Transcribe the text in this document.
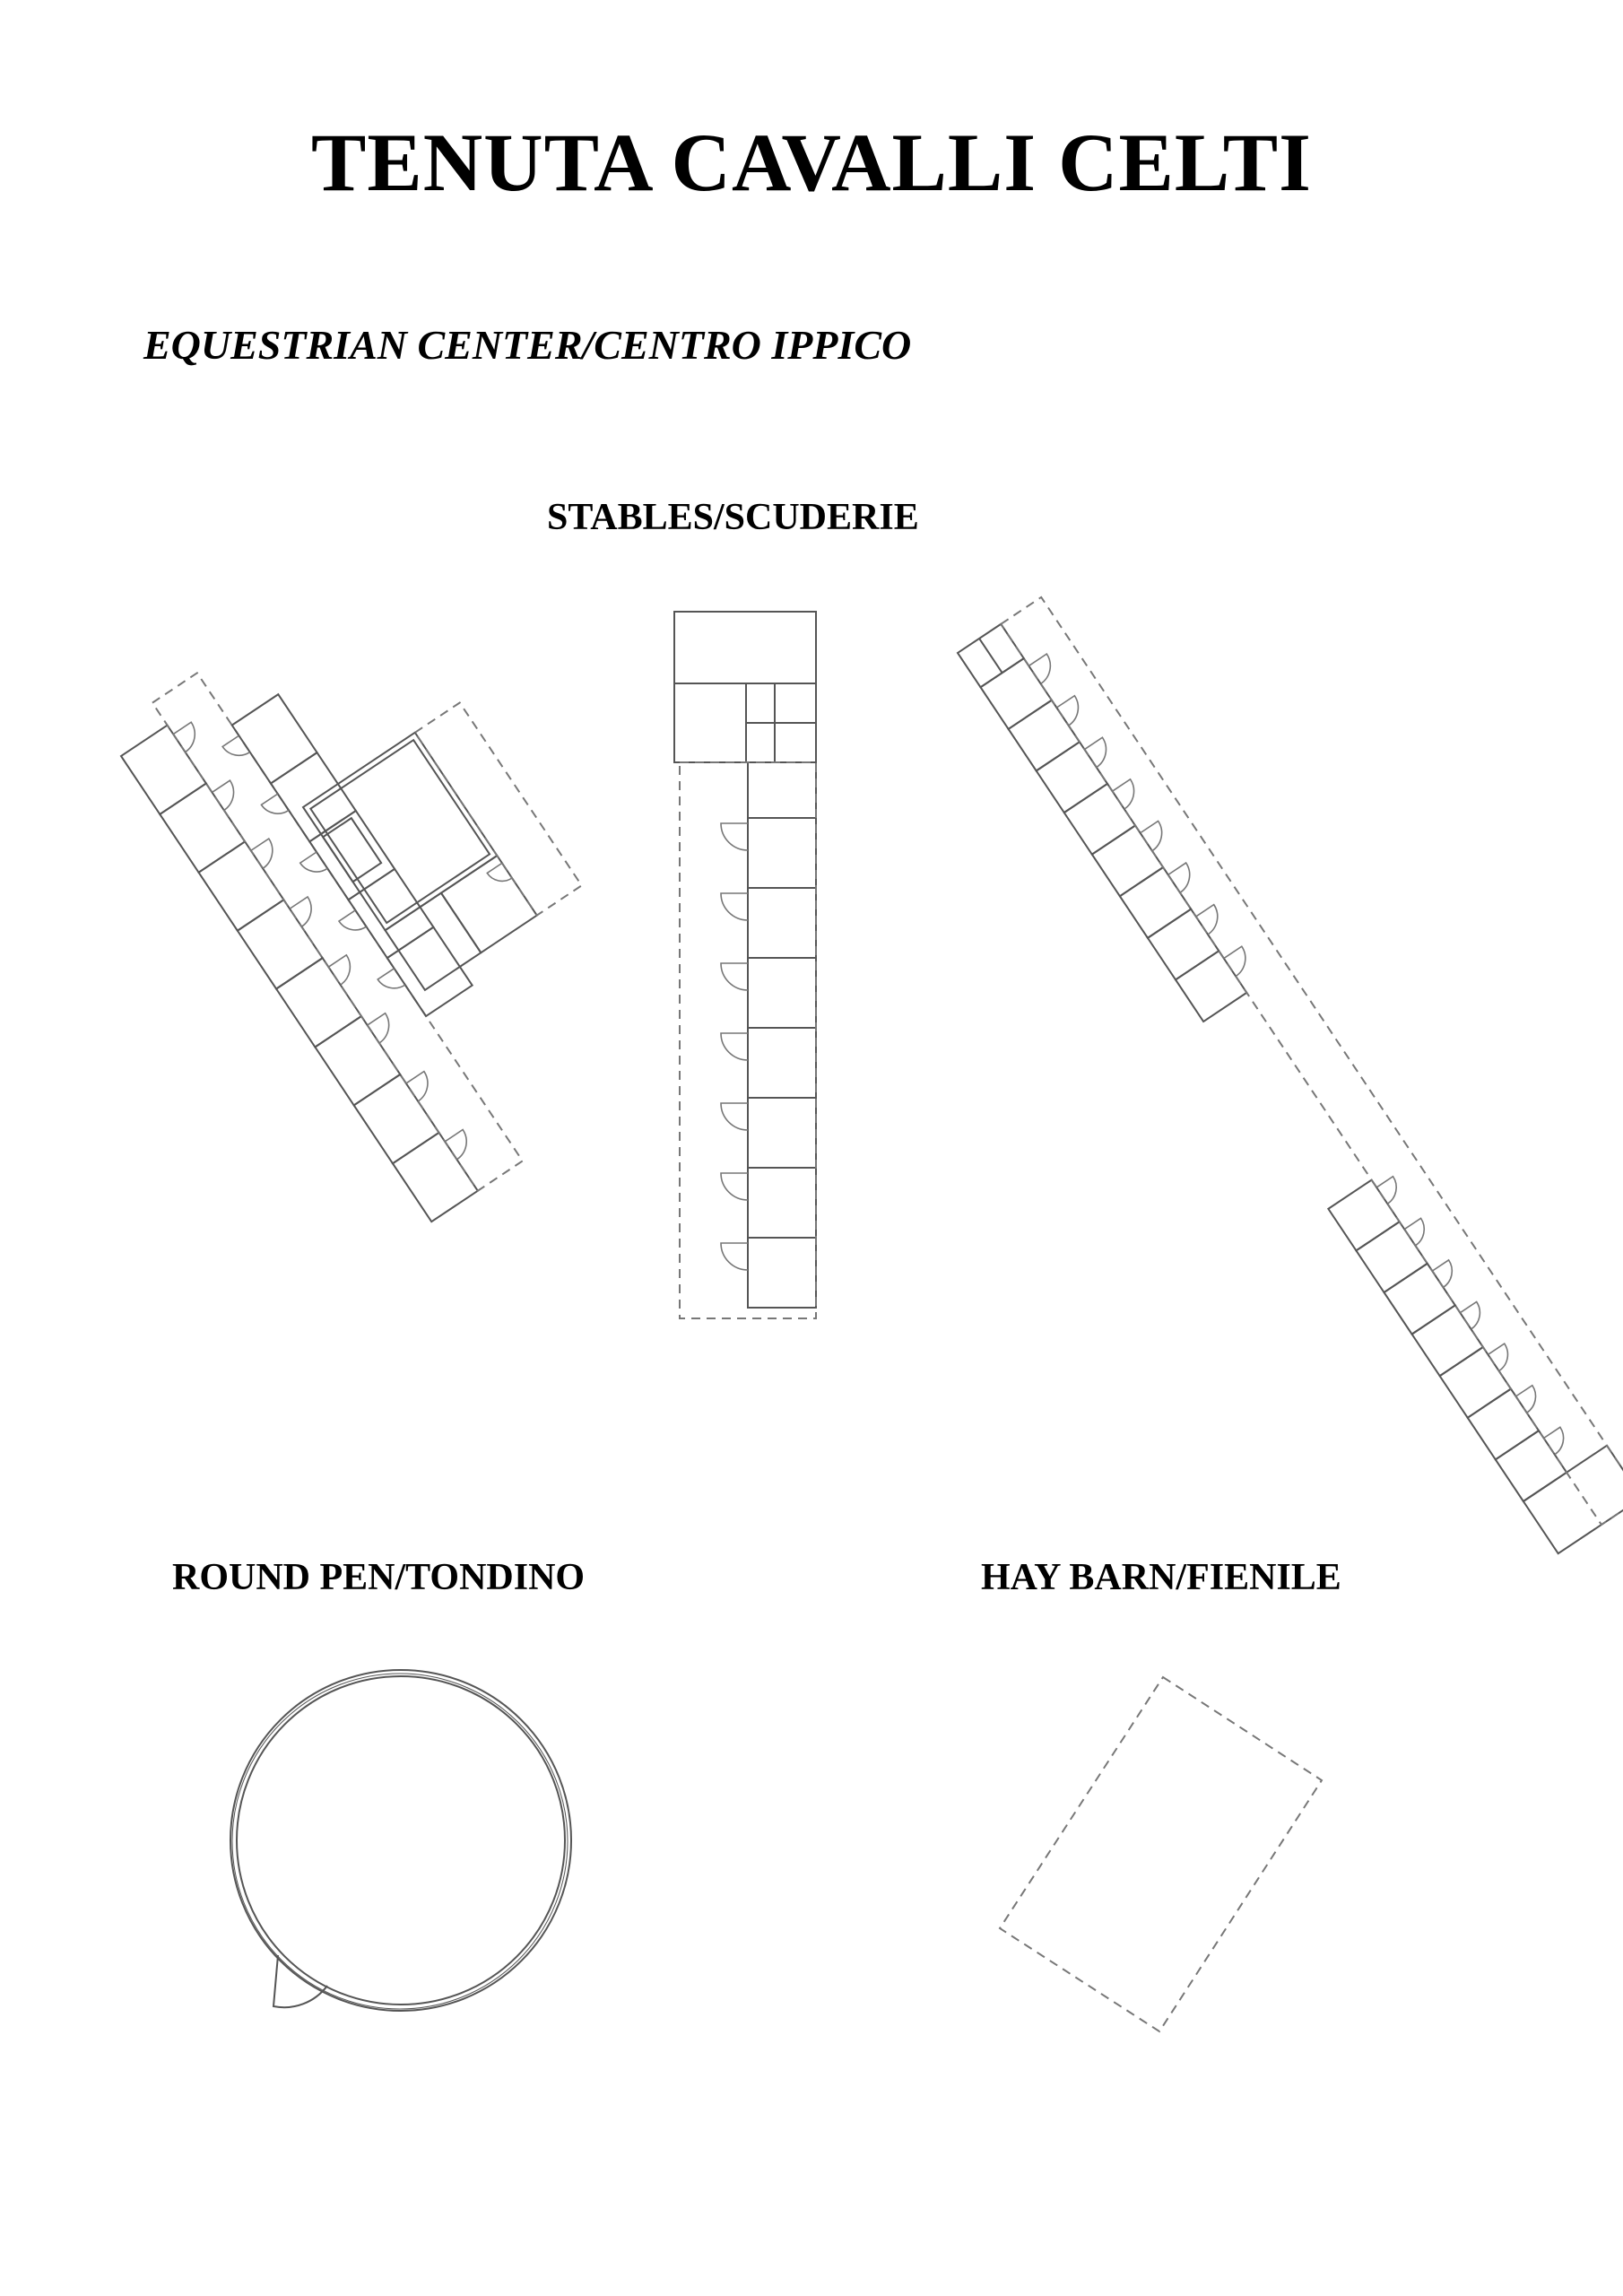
TENUTA CAVALLI CELTI
EQUESTRIAN CENTER/CENTRO IPPICO
STABLES/SCUDERIE
ROUND PEN/TONDINO	HAY BARN/FIENILE
